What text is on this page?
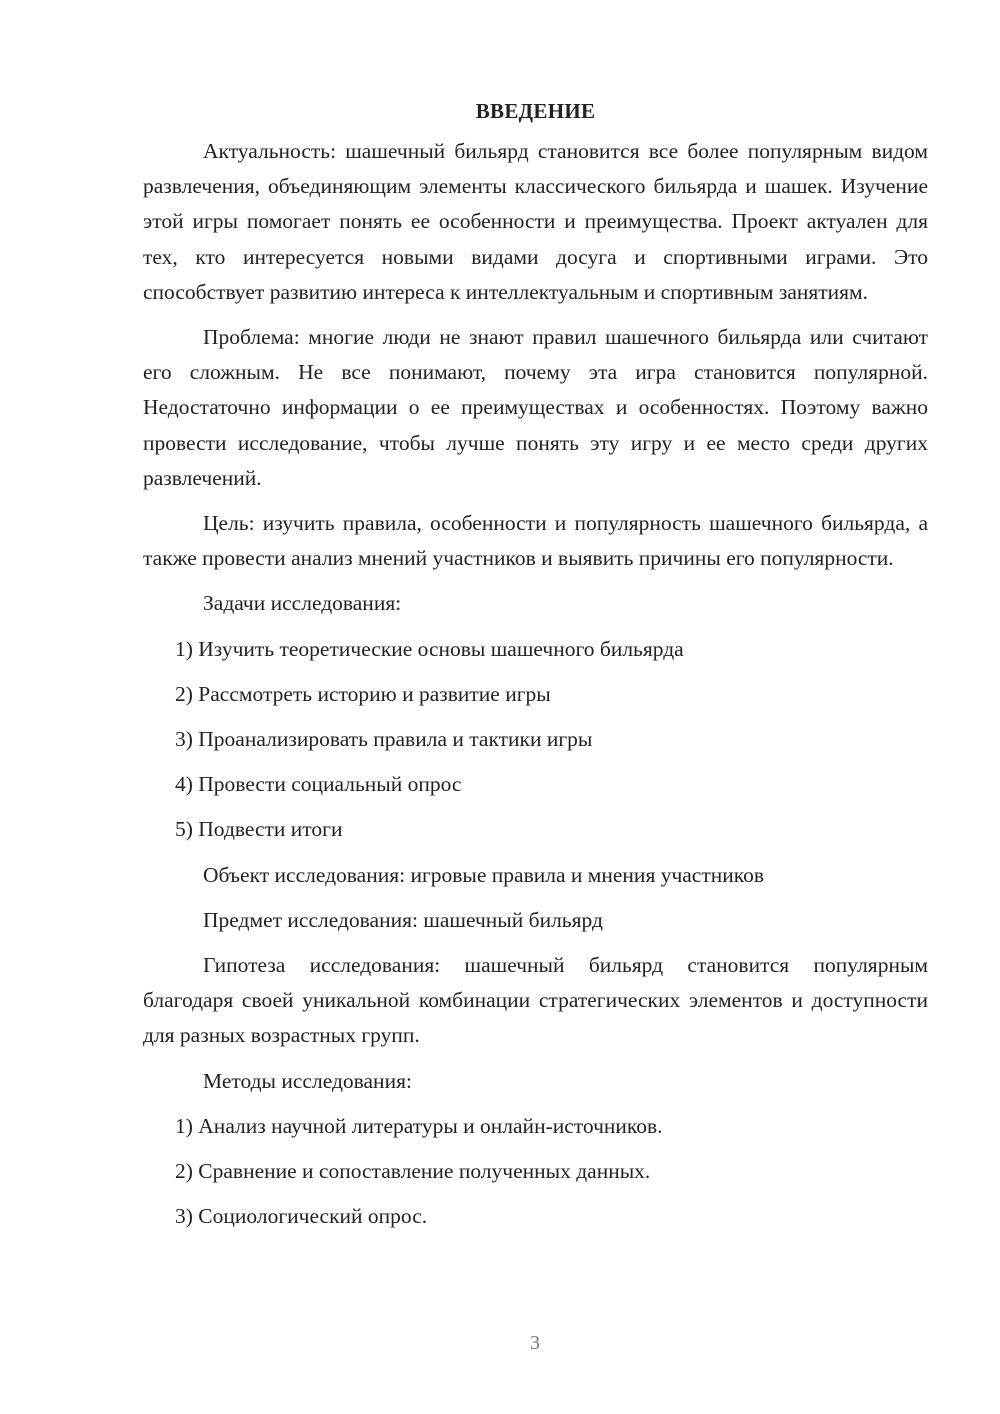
ВВЕДЕНИЕ

Актуальность: шашечный бильярд становится все более популярным видом развлечения, объединяющим элементы классического бильярда и шашек. Изучение этой игры помогает понять ее особенности и преимущества. Проект актуален для тех, кто интересуется новыми видами досуга и спортивными играми. Это способствует развитию интереса к интеллектуальным и спортивным занятиям.

Проблема: многие люди не знают правил шашечного бильярда или считают его сложным. Не все понимают, почему эта игра становится популярной. Недостаточно информации о ее преимуществах и особенностях. Поэтому важно провести исследование, чтобы лучше понять эту игру и ее место среди других развлечений.

Цель: изучить правила, особенности и популярность шашечного бильярда, а также провести анализ мнений участников и выявить причины его популярности.

Задачи исследования:
1) Изучить теоретические основы шашечного бильярда
2) Рассмотреть историю и развитие игры
3) Проанализировать правила и тактики игры
4) Провести социальный опрос
5) Подвести итоги
Объект исследования: игровые правила и мнения участников
Предмет исследования: шашечный бильярд

Гипотеза исследования: шашечный бильярд становится популярным благодаря своей уникальной комбинации стратегических элементов и доступности для разных возрастных групп.

Методы исследования:
1) Анализ научной литературы и онлайн-источников.
2) Сравнение и сопоставление полученных данных.
3) Социологический опрос.
3
